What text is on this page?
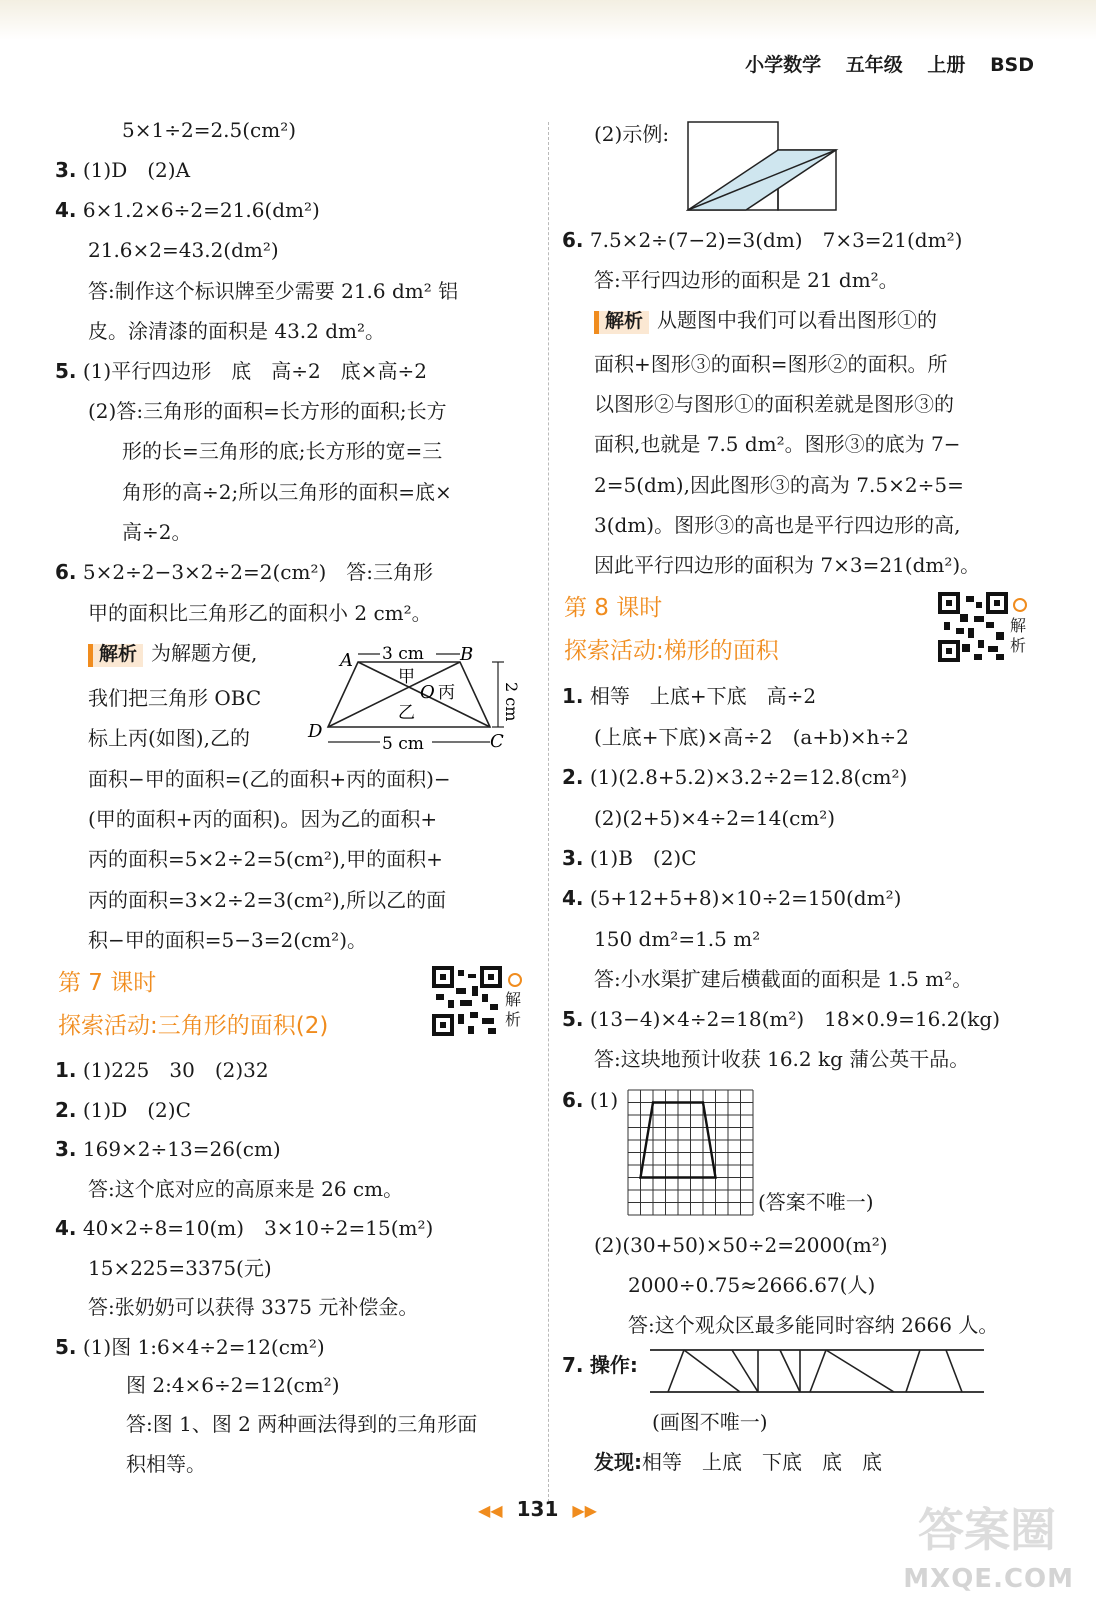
小学数学 五年级 上册 BSD
5×1÷2=2.5(cm²)
3. (1)D　(2)A
4. 6×1.2×6÷2=21.6(dm²)
21.6×2=43.2(dm²)
答:制作这个标识牌至少需要 21.6 dm² 铝
皮。涂清漆的面积是 43.2 dm²。
5. (1)平行四边形　底　高÷2　底×高÷2
(2)答:三角形的面积=长方形的面积;长方
形的长=三角形的底;长方形的宽=三
角形的高÷2;所以三角形的面积=底×
高÷2。
6. 5×2÷2−3×2÷2=2(cm²)　答:三角形
甲的面积比三角形乙的面积小 2 cm²。
解析 为解题方便,
我们把三角形 OBC
标上丙(如图),乙的
3 cm
5 cm
2 cm
A	B
C
D
O
甲
乙
丙
面积−甲的面积=(乙的面积+丙的面积)−
(甲的面积+丙的面积)。因为乙的面积+
丙的面积=5×2÷2=5(cm²),甲的面积+
丙的面积=3×2÷2=3(cm²),所以乙的面
积−甲的面积=5−3=2(cm²)。
第 7 课时
探索活动:三角形的面积(2)
解析
1. (1)225　30　(2)32
2. (1)D　(2)C
3. 169×2÷13=26(cm)
答:这个底对应的高原来是 26 cm。
4. 40×2÷8=10(m)　3×10÷2=15(m²)
15×225=3375(元)
答:张奶奶可以获得 3375 元补偿金。
5. (1)图 1:6×4÷2=12(cm²)
图 2:4×6÷2=12(cm²)
答:图 1、图 2 两种画法得到的三角形面
积相等。
(2)示例:
6. 7.5×2÷(7−2)=3(dm)　7×3=21(dm²)
答:平行四边形的面积是 21 dm²。
解析 从题图中我们可以看出图形①的
面积+图形③的面积=图形②的面积。所
以图形②与图形①的面积差就是图形③的
面积,也就是 7.5 dm²。图形③的底为 7−
2=5(dm),因此图形③的高为 7.5×2÷5=
3(dm)。图形③的高也是平行四边形的高,
因此平行四边形的面积为 7×3=21(dm²)。
第 8 课时
探索活动:梯形的面积
解析
1. 相等　上底+下底　高÷2
(上底+下底)×高÷2　(a+b)×h÷2
2. (1)(2.8+5.2)×3.2÷2=12.8(cm²)
(2)(2+5)×4÷2=14(cm²)
3. (1)B　(2)C
4. (5+12+5+8)×10÷2=150(dm²)
150 dm²=1.5 m²
答:小水渠扩建后横截面的面积是 1.5 m²。
5. (13−4)×4÷2=18(m²)　18×0.9=16.2(kg)
答:这块地预计收获 16.2 kg 蒲公英干品。
6. (1)
(答案不唯一)
(2)(30+50)×50÷2=2000(m²)
2000÷0.75≈2666.67(人)
答:这个观众区最多能同时容纳 2666 人。
7. 操作:
(画图不唯一)
发现:相等　上底　下底　底　底
◀◀ 131 ▶▶	答案圈
MXQE.COM
